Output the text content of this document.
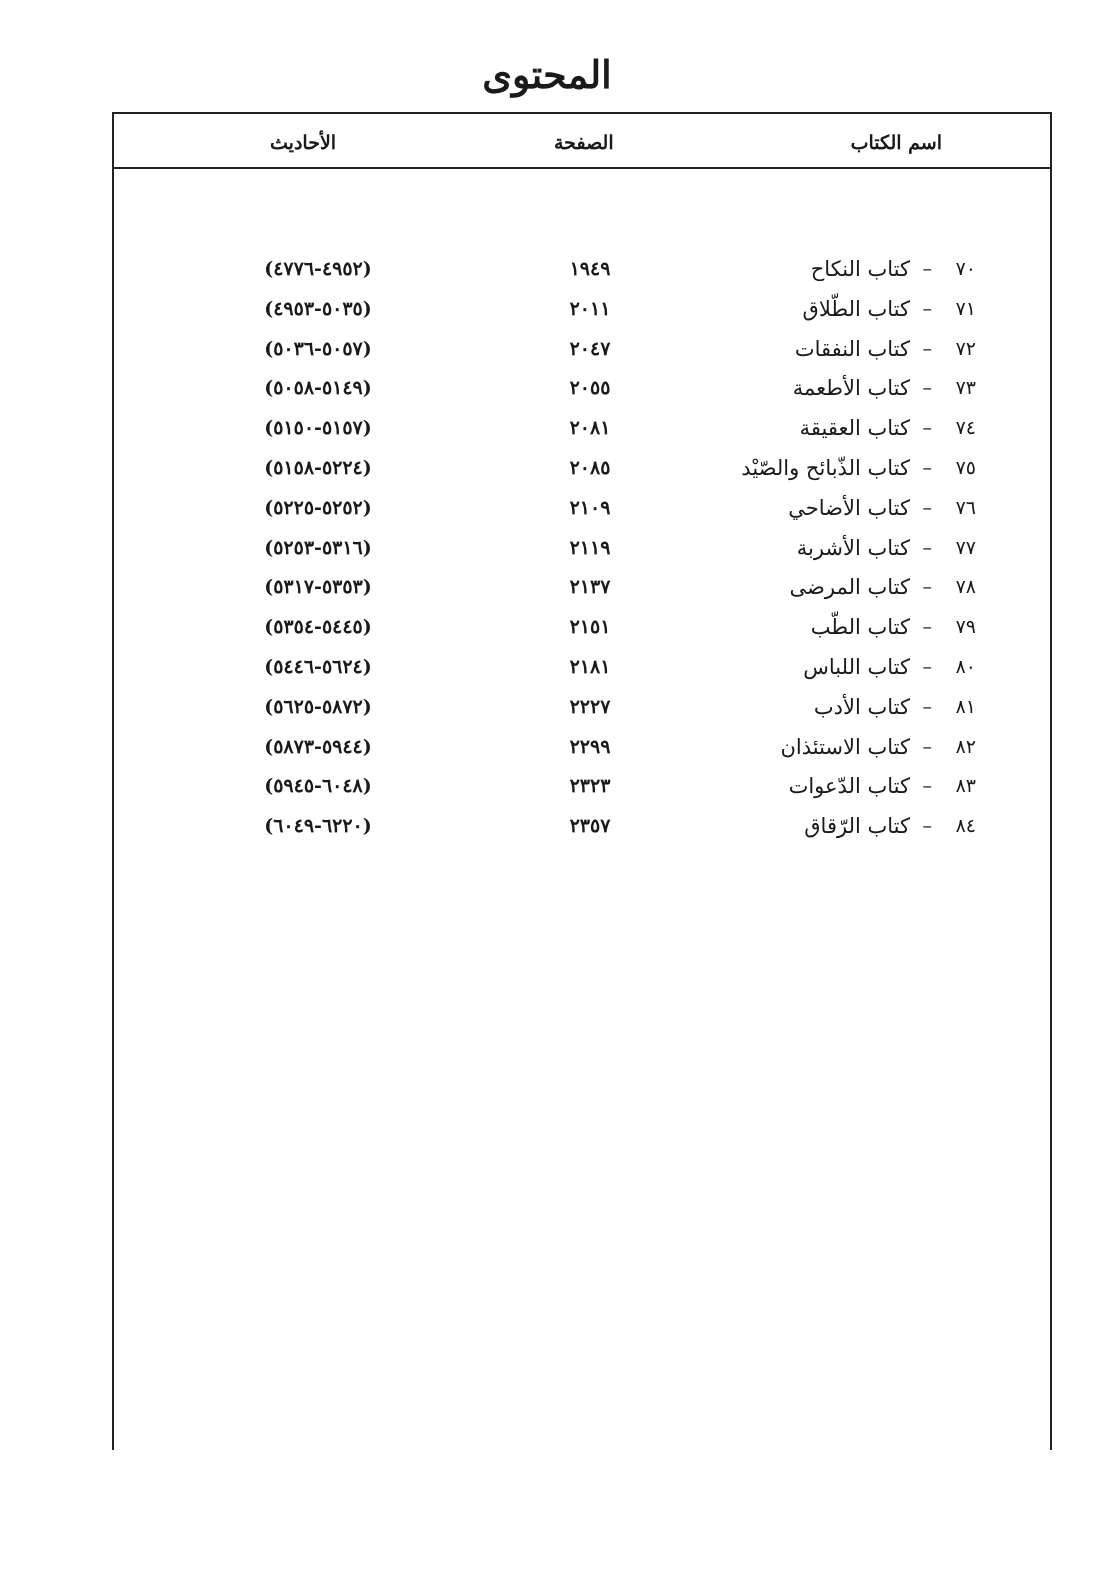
المحتوى
اسم الكتاب
الصفحة
الأحاديث
٧٠
–
كتاب النكاح
١٩٤٩
(٤٩٥٢-٤٧٧٦)
٧١
–
كتاب الطّلاق
٢٠١١
(٥٠٣٥-٤٩٥٣)
٧٢
–
كتاب النفقات
٢٠٤٧
(٥٠٥٧-٥٠٣٦)
٧٣
–
كتاب الأطعمة
٢٠٥٥
(٥١٤٩-٥٠٥٨)
٧٤
–
كتاب العقيقة
٢٠٨١
(٥١٥٧-٥١٥٠)
٧٥
–
كتاب الذّبائح والصّيْد
٢٠٨٥
(٥٢٢٤-٥١٥٨)
٧٦
–
كتاب الأضاحي
٢١٠٩
(٥٢٥٢-٥٢٢٥)
٧٧
–
كتاب الأشربة
٢١١٩
(٥٣١٦-٥٢٥٣)
٧٨
–
كتاب المرضى
٢١٣٧
(٥٣٥٣-٥٣١٧)
٧٩
–
كتاب الطّب
٢١٥١
(٥٤٤٥-٥٣٥٤)
٨٠
–
كتاب اللباس
٢١٨١
(٥٦٢٤-٥٤٤٦)
٨١
–
كتاب الأدب
٢٢٢٧
(٥٨٧٢-٥٦٢٥)
٨٢
–
كتاب الاستئذان
٢٢٩٩
(٥٩٤٤-٥٨٧٣)
٨٣
–
كتاب الدّعوات
٢٣٢٣
(٦٠٤٨-٥٩٤٥)
٨٤
–
كتاب الرّقاق
٢٣٥٧
(٦٢٢٠-٦٠٤٩)
